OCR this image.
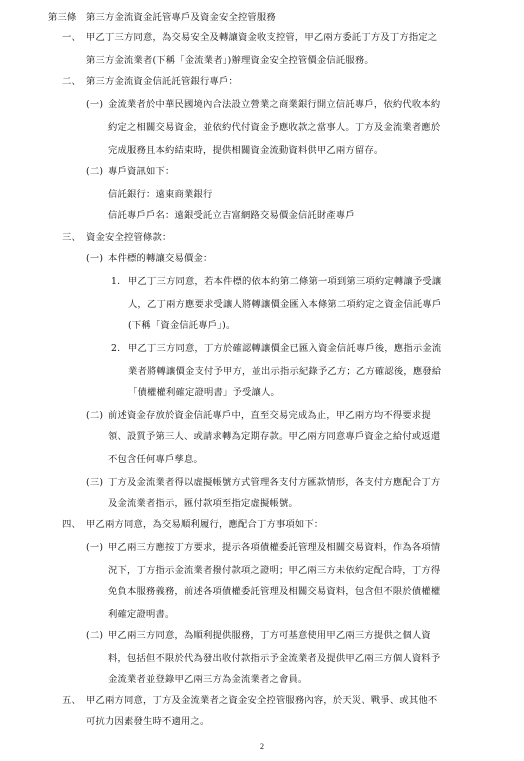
第三條　第三方金流資金託管專戶及資金安全控管服務
一、 甲乙丁三方同意，為交易安全及轉讓資金收支控管，甲乙兩方委託丁方及丁方指定之
第三方金流業者(下稱「金流業者」)辦理資金安全控管價金信託服務。
二、 第三方金流資金信託託管銀行專戶：
(一) 金流業者於中華民國境內合法設立營業之商業銀行開立信託專戶，依約代收本約
約定之相關交易資金，並依約代付資金予應收款之當事人。丁方及金流業者應於
完成服務且本約結束時，提供相關資金流動資料供甲乙兩方留存。
(二) 專戶資訊如下：
信託銀行：遠東商業銀行
信託專戶戶名：遠銀受託立吉富網路交易價金信託財產專戶
三、 資金安全控管條款：
(一) 本件標的轉讓交易價金：
1. 甲乙丁三方同意，若本件標的依本約第二條第一項到第三項約定轉讓予受讓
人，乙丁兩方應要求受讓人將轉讓價金匯入本條第二項約定之資金信託專戶
(下稱「資金信託專戶」)。
2. 甲乙丁三方同意，丁方於確認轉讓價金已匯入資金信託專戶後，應指示金流
業者將轉讓價金支付予甲方，並出示指示紀錄予乙方；乙方確認後，應發給
「債權權利確定證明書」予受讓人。
(二) 前述資金存放於資金信託專戶中，直至交易完成為止，甲乙兩方均不得要求提
領、設質予第三人、或請求轉為定期存款。甲乙兩方同意專戶資金之給付或返還
不包含任何專戶孳息。
(三) 丁方及金流業者得以虛擬帳號方式管理各支付方匯款情形，各支付方應配合丁方
及金流業者指示，匯付款項至指定虛擬帳號。
四、 甲乙兩方同意，為交易順利履行，應配合丁方事項如下：
(一) 甲乙兩三方應按丁方要求，提示各項債權委託管理及相關交易資料，作為各項情
況下，丁方指示金流業者撥付款項之證明；甲乙兩三方未依約定配合時，丁方得
免負本服務義務，前述各項債權委託管理及相關交易資料，包含但不限於債權權
利確定證明書。
(二) 甲乙兩三方同意，為順利提供服務，丁方可基意使用甲乙兩三方提供之個人資
料，包括但不限於代為發出收付款指示予金流業者及提供甲乙兩三方個人資料予
金流業者並登錄甲乙兩三方為金流業者之會員。
五、 甲乙兩方同意，丁方及金流業者之資金安全控管服務內容，於天災、戰爭、或其他不
可抗力因素發生時不適用之。
2
